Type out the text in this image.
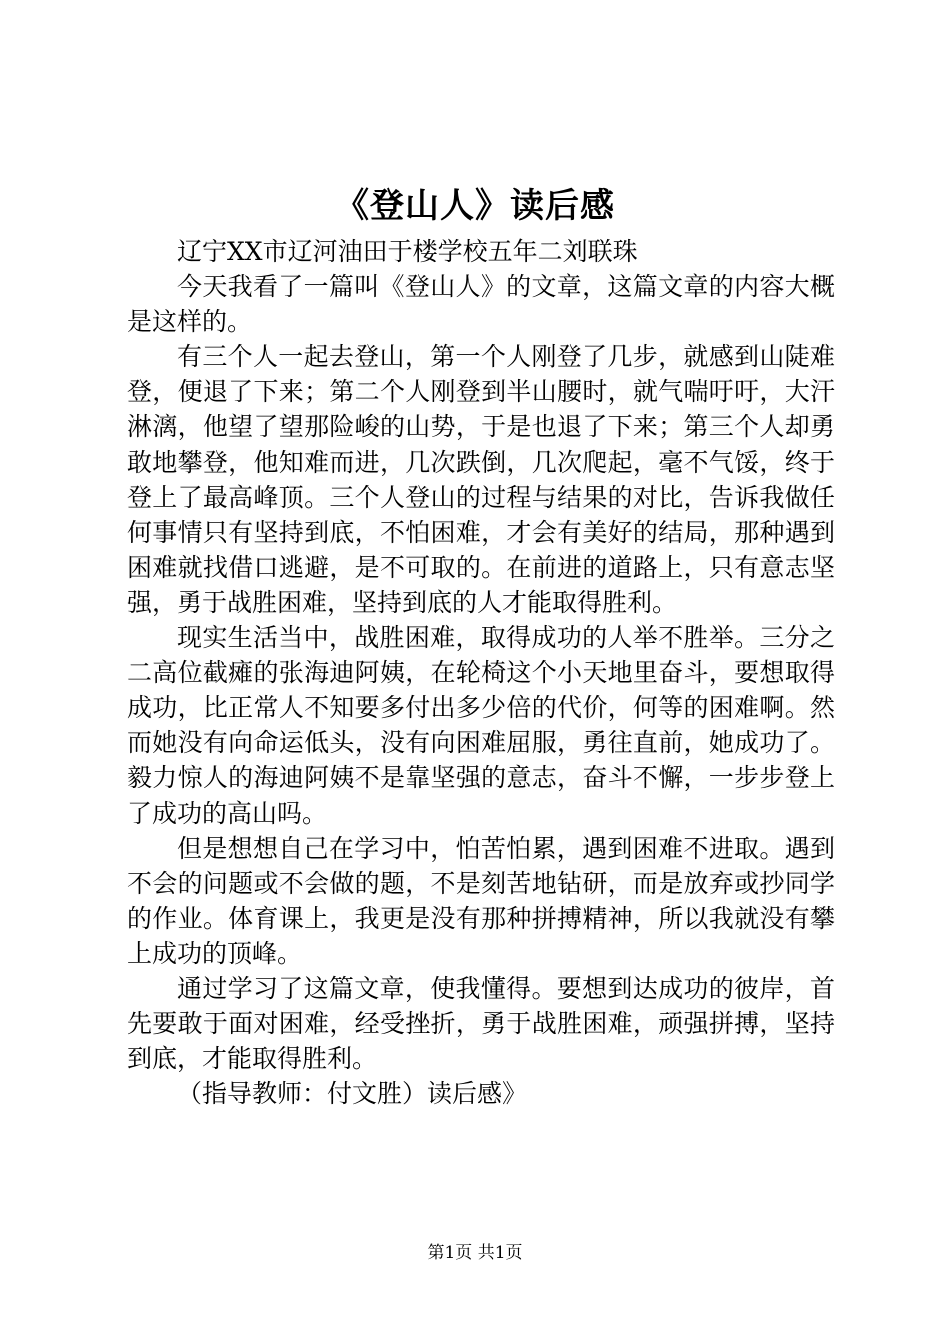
《登山人》读后感

辽宁XX市辽河油田于楼学校五年二刘联珠

今天我看了一篇叫《登山人》的文章，这篇文章的内容大概是这样的。

有三个人一起去登山，第一个人刚登了几步，就感到山陡难登，便退了下来；第二个人刚登到半山腰时，就气喘吁吁，大汗淋漓，他望了望那险峻的山势，于是也退了下来；第三个人却勇敢地攀登，他知难而进，几次跌倒，几次爬起，毫不气馁，终于登上了最高峰顶。三个人登山的过程与结果的对比，告诉我做任何事情只有坚持到底，不怕困难，才会有美好的结局，那种遇到困难就找借口逃避，是不可取的。在前进的道路上，只有意志坚强，勇于战胜困难，坚持到底的人才能取得胜利。

现实生活当中，战胜困难，取得成功的人举不胜举。三分之二高位截瘫的张海迪阿姨，在轮椅这个小天地里奋斗，要想取得成功，比正常人不知要多付出多少倍的代价，何等的困难啊。然而她没有向命运低头，没有向困难屈服，勇往直前，她成功了。毅力惊人的海迪阿姨不是靠坚强的意志，奋斗不懈，一步步登上了成功的高山吗。

但是想想自己在学习中，怕苦怕累，遇到困难不进取。遇到不会的问题或不会做的题，不是刻苦地钻研，而是放弃或抄同学的作业。体育课上，我更是没有那种拼搏精神，所以我就没有攀上成功的顶峰。

通过学习了这篇文章，使我懂得。要想到达成功的彼岸，首先要敢于面对困难，经受挫折，勇于战胜困难，顽强拼搏，坚持到底，才能取得胜利。

（指导教师：付文胜）读后感》

第1页 共1页
